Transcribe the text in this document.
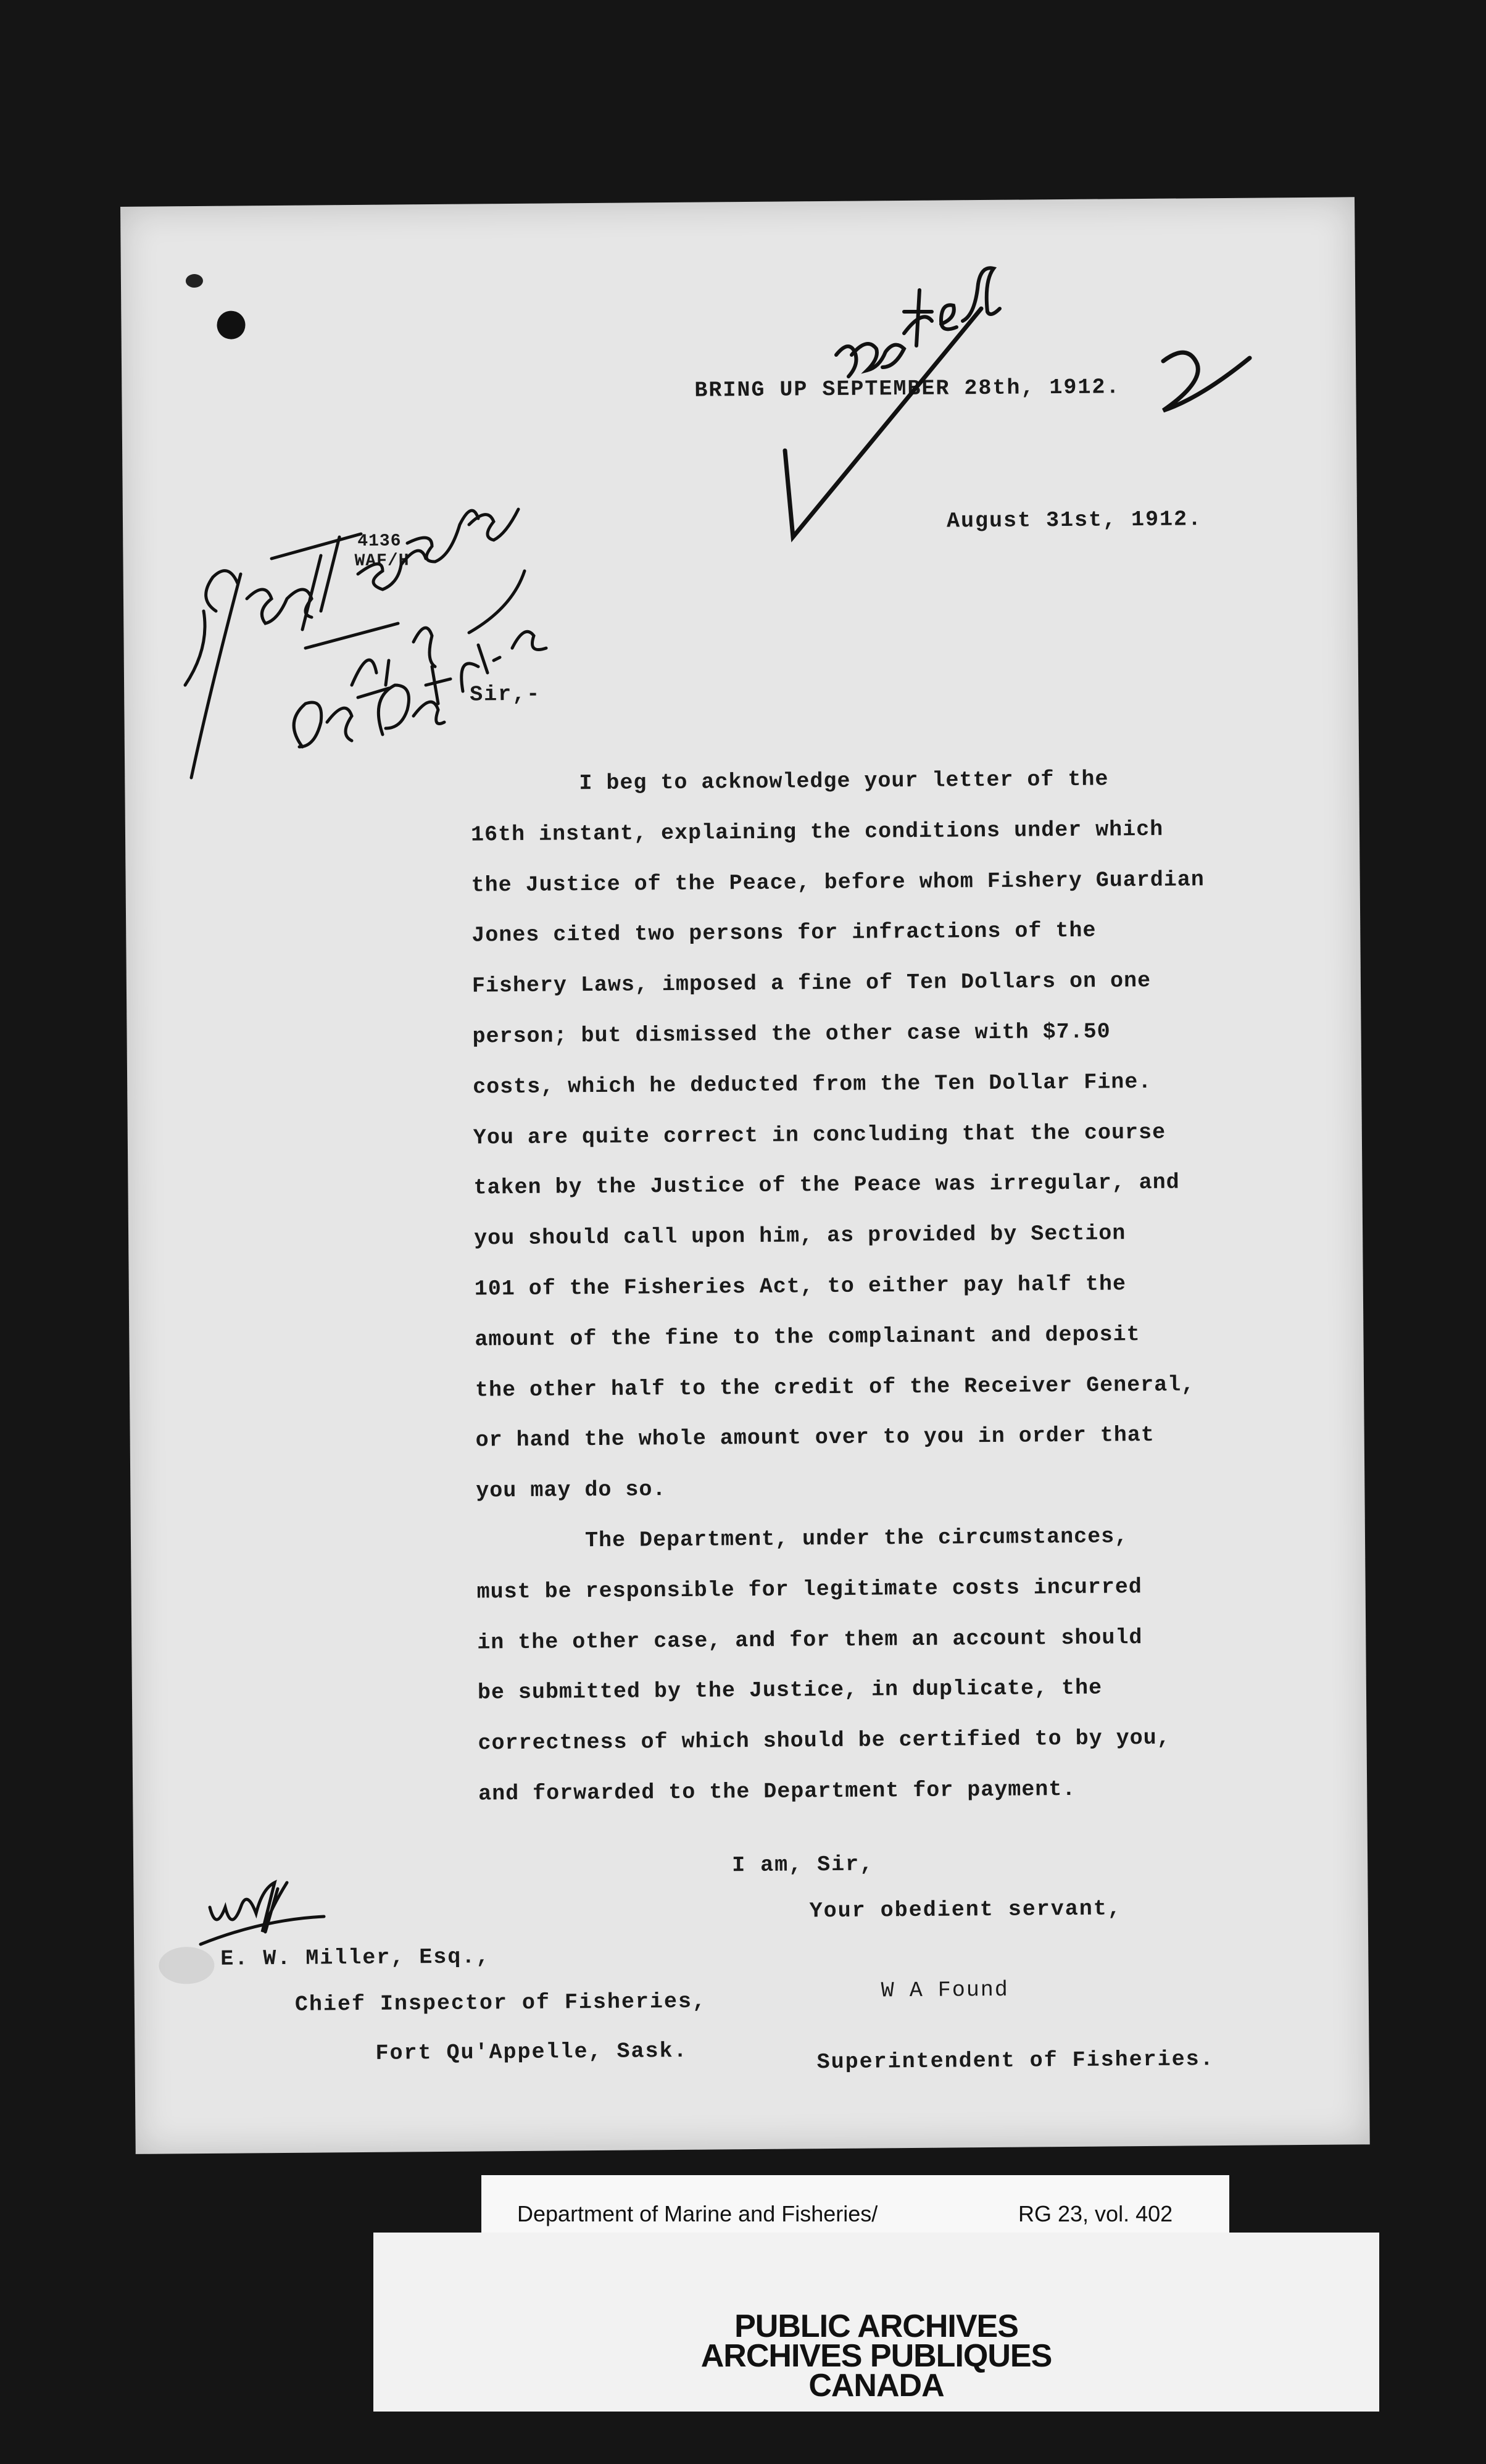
BRING UP SEPTEMBER 28th, 1912.
August 31st, 1912.
4136
WAF/H
Sir,-

I beg to acknowledge your letter of the

16th instant, explaining the conditions under which

the Justice of the Peace, before whom Fishery Guardian

Jones cited two persons for infractions of the

Fishery Laws, imposed a fine of Ten Dollars on one

person; but dismissed the other case with $7.50

costs, which he deducted from the Ten Dollar Fine.

You are quite correct in concluding that the course

taken by the Justice of the Peace was irregular, and

you should call upon him, as provided by Section

101 of the Fisheries Act, to either pay half the

amount of the fine to the complainant and deposit

the other half to the credit of the Receiver General,

or hand the whole amount over to you in order that

you may do so.

The Department, under the circumstances,

must be responsible for legitimate costs incurred

in the other case, and for them an account should

be submitted by the Justice, in duplicate, the

correctness of which should be certified to by you,

and forwarded to the Department for payment.

I am, Sir,
Your obedient servant,
W A Found
Superintendent of Fisheries.
E. W. Miller, Esq.,
Chief Inspector of Fisheries,
Fort Qu'Appelle, Sask.
Department of Marine and Fisheries/	RG 23, vol. 402
PUBLIC ARCHIVES
ARCHIVES PUBLIQUES
CANADA
